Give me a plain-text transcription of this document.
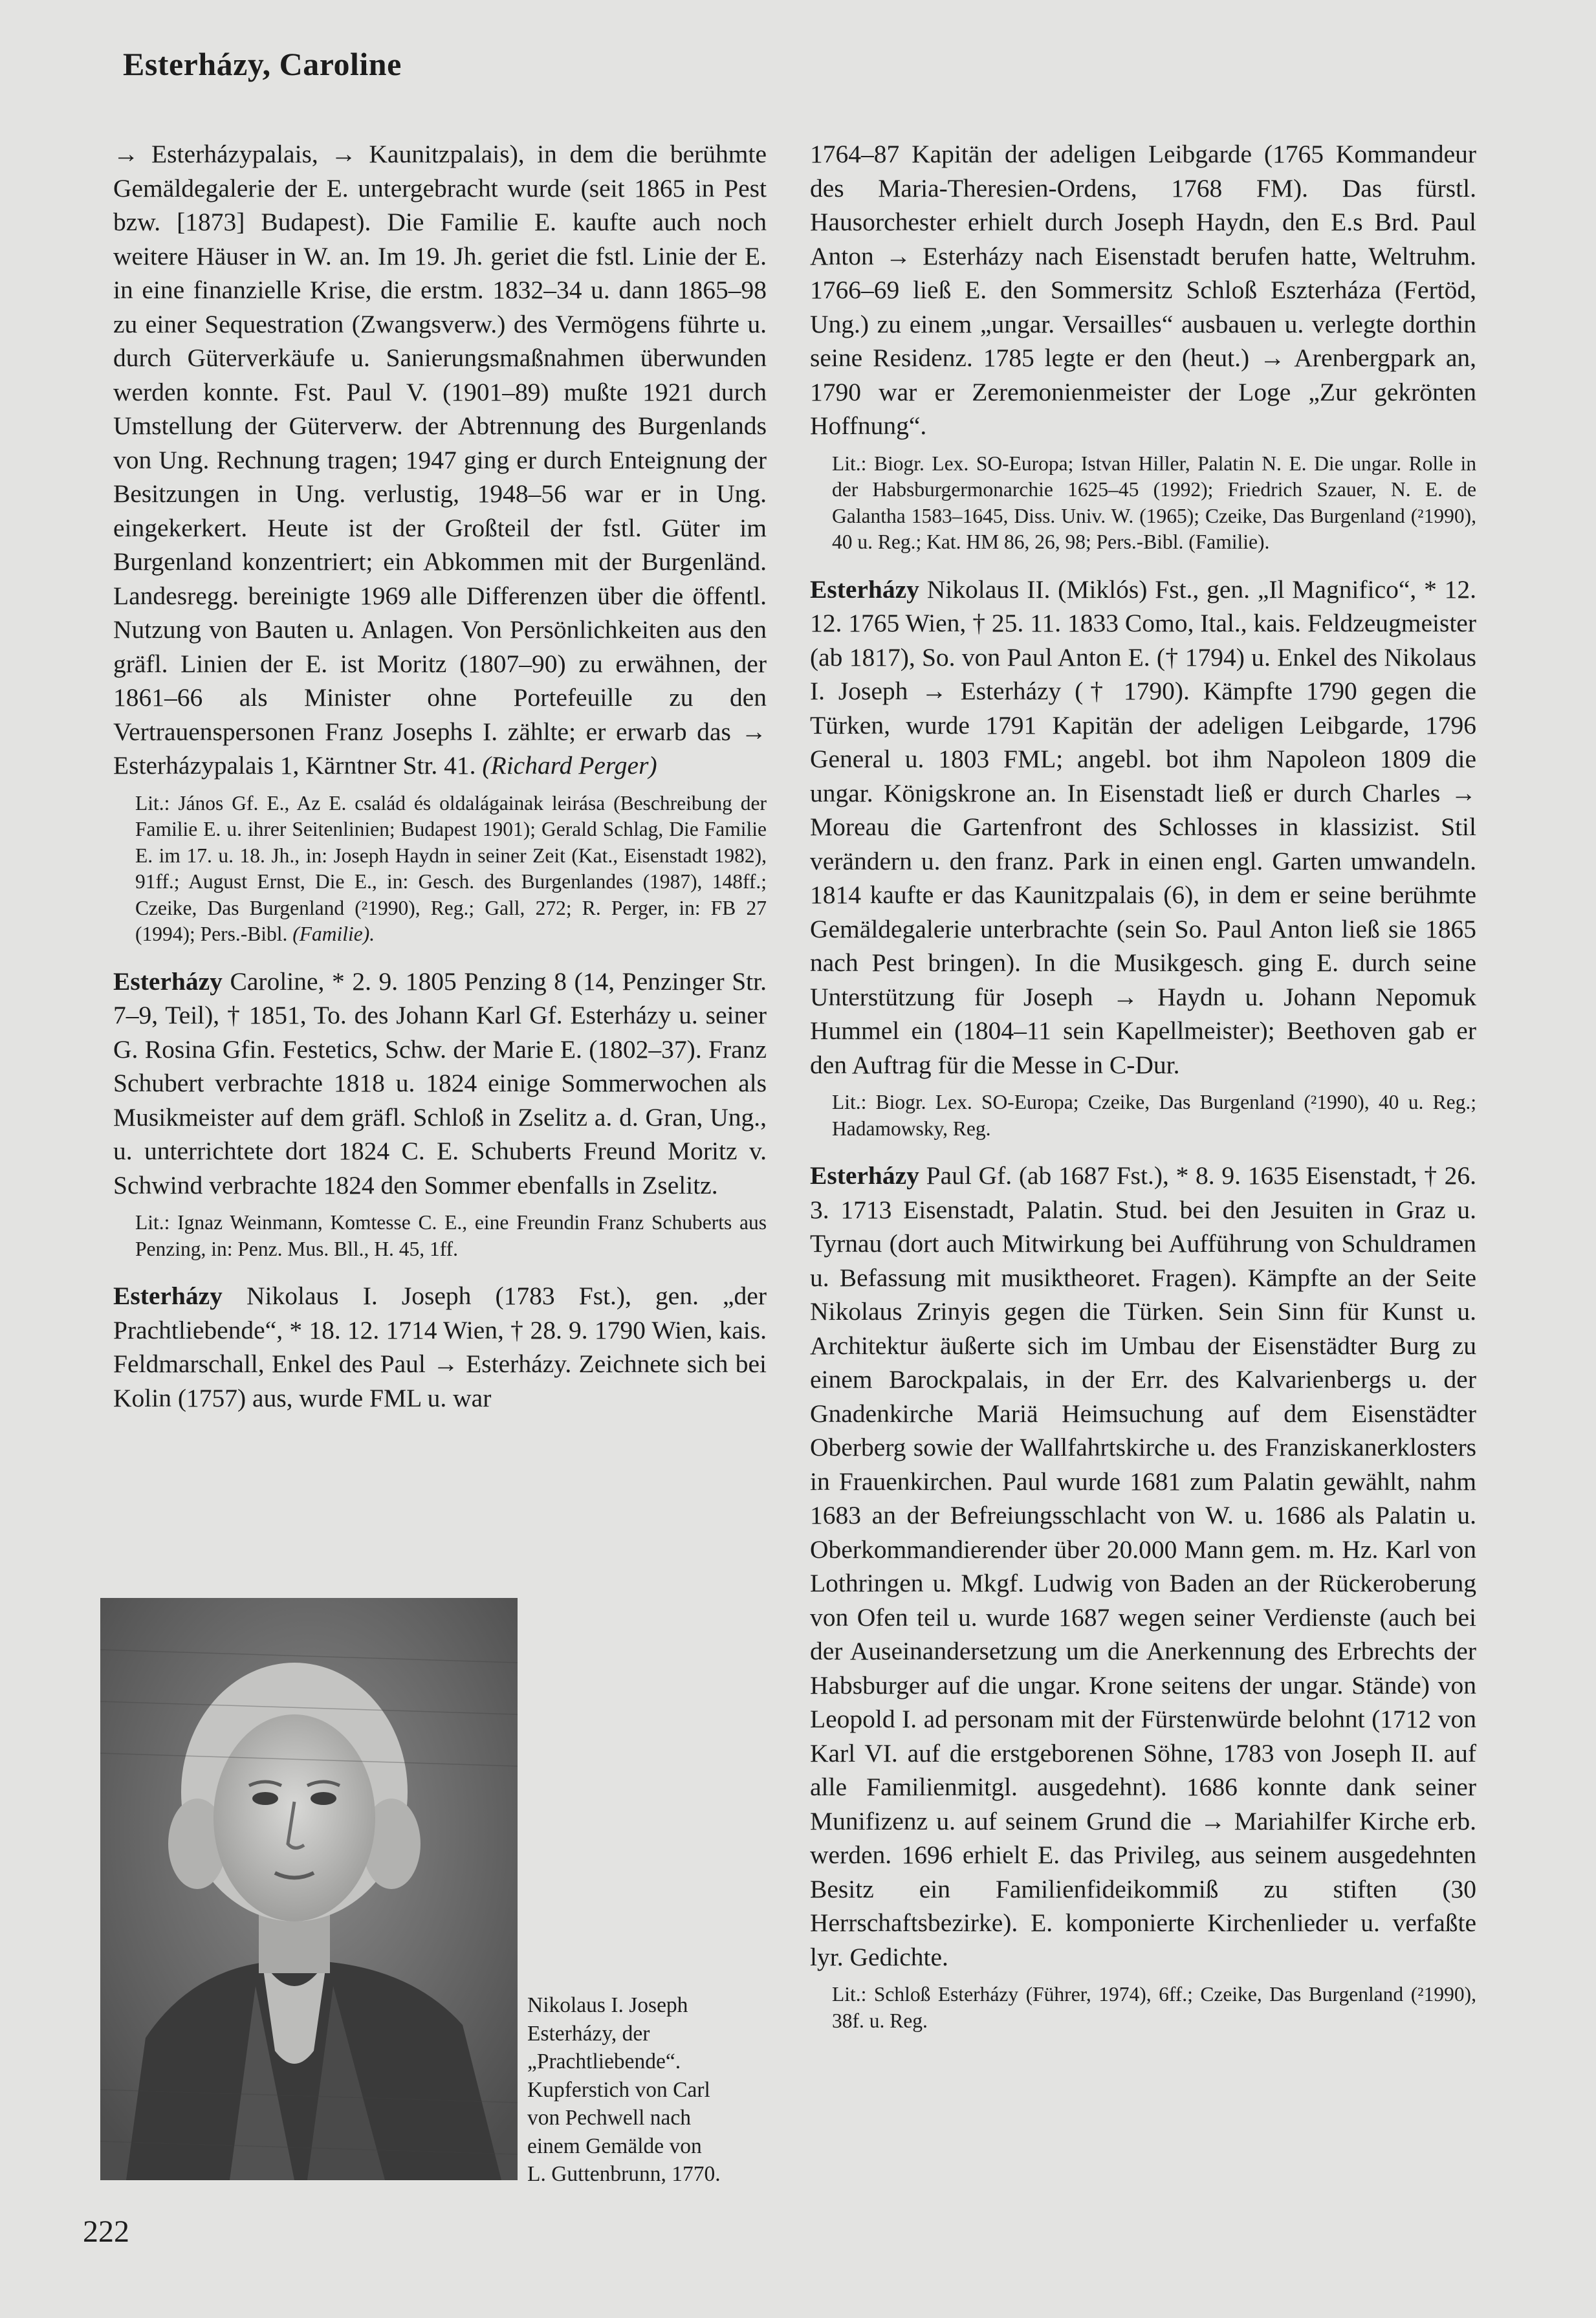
Esterházy, Caroline

→ Esterházypalais, → Kaunitzpalais), in dem die berühmte Gemäldegalerie der E. untergebracht wurde (seit 1865 in Pest bzw. [1873] Budapest). Die Familie E. kaufte auch noch weitere Häuser in W. an. Im 19. Jh. geriet die fstl. Linie der E. in eine finanzielle Krise, die erstm. 1832–34 u. dann 1865–98 zu einer Sequestration (Zwangsverw.) des Vermögens führte u. durch Güterverkäufe u. Sanierungsmaßnahmen überwunden werden konnte. Fst. Paul V. (1901–89) mußte 1921 durch Umstellung der Güterverw. der Abtrennung des Burgenlands von Ung. Rechnung tragen; 1947 ging er durch Enteignung der Besitzungen in Ung. verlustig, 1948–56 war er in Ung. eingekerkert. Heute ist der Großteil der fstl. Güter im Burgenland konzentriert; ein Abkommen mit der Burgenländ. Landesregg. bereinigte 1969 alle Differenzen über die öffentl. Nutzung von Bauten u. Anlagen. Von Persönlichkeiten aus den gräfl. Linien der E. ist Moritz (1807–90) zu erwähnen, der 1861–66 als Minister ohne Portefeuille zu den Vertrauenspersonen Franz Josephs I. zählte; er erwarb das → Esterházypalais 1, Kärntner Str. 41. (Richard Perger)

Lit.: János Gf. E., Az E. család és oldalágainak leirása (Beschreibung der Familie E. u. ihrer Seitenlinien; Budapest 1901); Gerald Schlag, Die Familie E. im 17. u. 18. Jh., in: Joseph Haydn in seiner Zeit (Kat., Eisenstadt 1982), 91ff.; August Ernst, Die E., in: Gesch. des Burgenlandes (1987), 148ff.; Czeike, Das Burgenland (²1990), Reg.; Gall, 272; R. Perger, in: FB 27 (1994); Pers.-Bibl. (Familie).

Esterházy Caroline, * 2. 9. 1805 Penzing 8 (14, Penzinger Str. 7–9, Teil), † 1851, To. des Johann Karl Gf. Esterházy u. seiner G. Rosina Gfin. Festetics, Schw. der Marie E. (1802–37). Franz Schubert verbrachte 1818 u. 1824 einige Sommerwochen als Musikmeister auf dem gräfl. Schloß in Zselitz a. d. Gran, Ung., u. unterrichtete dort 1824 C. E. Schuberts Freund Moritz v. Schwind verbrachte 1824 den Sommer ebenfalls in Zselitz.

Lit.: Ignaz Weinmann, Komtesse C. E., eine Freundin Franz Schuberts aus Penzing, in: Penz. Mus. Bll., H. 45, 1ff.

Esterházy Nikolaus I. Joseph (1783 Fst.), gen. „der Prachtliebende“, * 18. 12. 1714 Wien, † 28. 9. 1790 Wien, kais. Feldmarschall, Enkel des Paul → Esterházy. Zeichnete sich bei Kolin (1757) aus, wurde FML u. war

Nikolaus I. Joseph
Esterházy, der
„Prachtliebende“.
Kupferstich von Carl
von Pechwell nach
einem Gemälde von
L. Guttenbrunn, 1770.

1764–87 Kapitän der adeligen Leibgarde (1765 Kommandeur des Maria-Theresien-Ordens, 1768 FM). Das fürstl. Hausorchester erhielt durch Joseph Haydn, den E.s Brd. Paul Anton → Esterházy nach Eisenstadt berufen hatte, Weltruhm. 1766–69 ließ E. den Sommersitz Schloß Eszterháza (Fertöd, Ung.) zu einem „ungar. Versailles“ ausbauen u. verlegte dorthin seine Residenz. 1785 legte er den (heut.) → Arenbergpark an, 1790 war er Zeremonienmeister der Loge „Zur gekrönten Hoffnung“.

Lit.: Biogr. Lex. SO-Europa; Istvan Hiller, Palatin N. E. Die ungar. Rolle in der Habsburgermonarchie 1625–45 (1992); Friedrich Szauer, N. E. de Galantha 1583–1645, Diss. Univ. W. (1965); Czeike, Das Burgenland (²1990), 40 u. Reg.; Kat. HM 86, 26, 98; Pers.-Bibl. (Familie).

Esterházy Nikolaus II. (Miklós) Fst., gen. „Il Magnifico“, * 12. 12. 1765 Wien, † 25. 11. 1833 Como, Ital., kais. Feldzeugmeister (ab 1817), So. von Paul Anton E. († 1794) u. Enkel des Nikolaus I. Joseph → Esterházy († 1790). Kämpfte 1790 gegen die Türken, wurde 1791 Kapitän der adeligen Leibgarde, 1796 General u. 1803 FML; angebl. bot ihm Napoleon 1809 die ungar. Königskrone an. In Eisenstadt ließ er durch Charles → Moreau die Gartenfront des Schlosses in klassizist. Stil verändern u. den franz. Park in einen engl. Garten umwandeln. 1814 kaufte er das Kaunitzpalais (6), in dem er seine berühmte Gemäldegalerie unterbrachte (sein So. Paul Anton ließ sie 1865 nach Pest bringen). In die Musikgesch. ging E. durch seine Unterstützung für Joseph → Haydn u. Johann Nepomuk Hummel ein (1804–11 sein Kapellmeister); Beethoven gab er den Auftrag für die Messe in C-Dur.

Lit.: Biogr. Lex. SO-Europa; Czeike, Das Burgenland (²1990), 40 u. Reg.; Hadamowsky, Reg.

Esterházy Paul Gf. (ab 1687 Fst.), * 8. 9. 1635 Eisenstadt, † 26. 3. 1713 Eisenstadt, Palatin. Stud. bei den Jesuiten in Graz u. Tyrnau (dort auch Mitwirkung bei Aufführung von Schuldramen u. Befassung mit musiktheoret. Fragen). Kämpfte an der Seite Nikolaus Zrinyis gegen die Türken. Sein Sinn für Kunst u. Architektur äußerte sich im Umbau der Eisenstädter Burg zu einem Barockpalais, in der Err. des Kalvarienbergs u. der Gnadenkirche Mariä Heimsuchung auf dem Eisenstädter Oberberg sowie der Wallfahrtskirche u. des Franziskanerklosters in Frauenkirchen. Paul wurde 1681 zum Palatin gewählt, nahm 1683 an der Befreiungsschlacht von W. u. 1686 als Palatin u. Oberkommandierender über 20.000 Mann gem. m. Hz. Karl von Lothringen u. Mkgf. Ludwig von Baden an der Rückeroberung von Ofen teil u. wurde 1687 wegen seiner Verdienste (auch bei der Auseinandersetzung um die Anerkennung des Erbrechts der Habsburger auf die ungar. Krone seitens der ungar. Stände) von Leopold I. ad personam mit der Fürstenwürde belohnt (1712 von Karl VI. auf die erstgeborenen Söhne, 1783 von Joseph II. auf alle Familienmitgl. ausgedehnt). 1686 konnte dank seiner Munifizenz u. auf seinem Grund die → Mariahilfer Kirche erb. werden. 1696 erhielt E. das Privileg, aus seinem ausgedehnten Besitz ein Familienfideikommiß zu stiften (30 Herrschaftsbezirke). E. komponierte Kirchenlieder u. verfaßte lyr. Gedichte.

Lit.: Schloß Esterházy (Führer, 1974), 6ff.; Czeike, Das Burgenland (²1990), 38f. u. Reg.

222
